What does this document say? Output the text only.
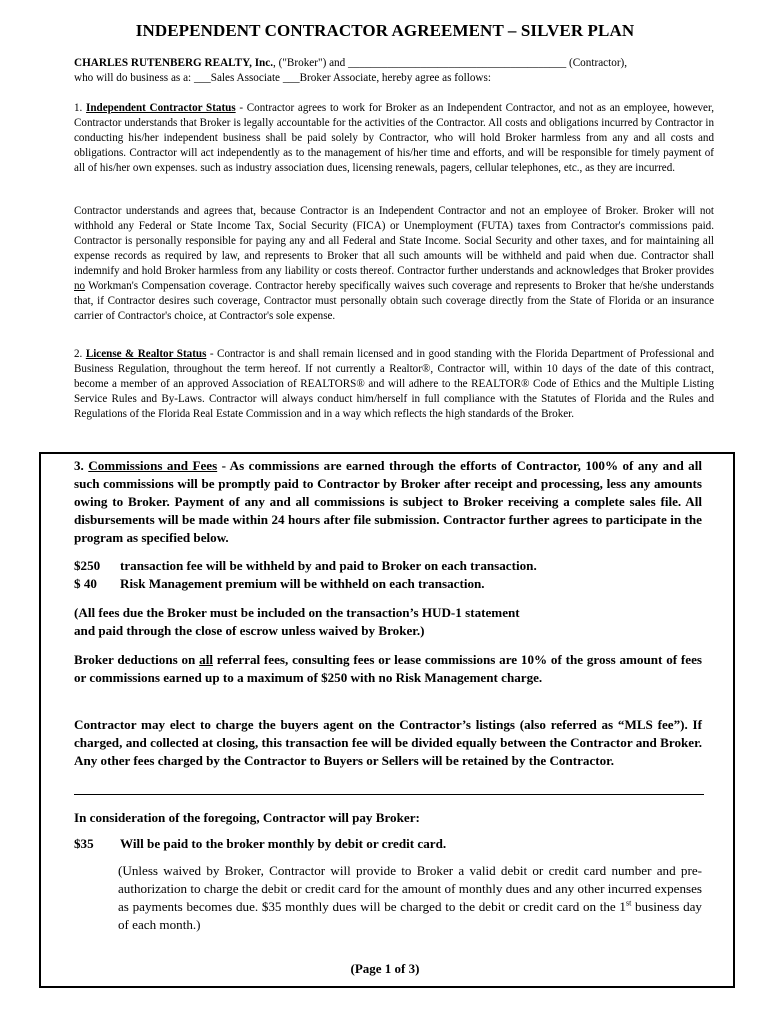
INDEPENDENT CONTRACTOR AGREEMENT – SILVER PLAN

CHARLES RUTENBERG REALTY, Inc., ("Broker") and _______________________________________ (Contractor),

who will do business as a: ___Sales Associate ___Broker Associate, hereby agree as follows:

1. Independent Contractor Status - Contractor agrees to work for Broker as an Independent Contractor, and not as an employee, however, Contractor understands that Broker is legally accountable for the activities of the Contractor. All costs and obligations incurred by Contractor in conducting his/her independent business shall be paid solely by Contractor, who will hold Broker harmless from any and all costs and obligations. Contractor will act independently as to the management of his/her time and efforts, and will be responsible for timely payment of all of his/her own expenses. such as industry association dues, licensing renewals, pagers, cellular telephones, etc., as they are incurred.
Contractor understands and agrees that, because Contractor is an Independent Contractor and not an employee of Broker. Broker will not withhold any Federal or State Income Tax, Social Security (FICA) or Unemployment (FUTA) taxes from Contractor's commissions paid. Contractor is personally responsible for paying any and all Federal and State Income. Social Security and other taxes, and for maintaining all expense records as required by law, and represents to Broker that all such amounts will be withheld and paid when due. Contractor shall indemnify and hold Broker harmless from any liability or costs thereof. Contractor further understands and acknowledges that Broker provides no Workman's Compensation coverage. Contractor hereby specifically waives such coverage and represents to Broker that he/she understands that, if Contractor desires such coverage, Contractor must personally obtain such coverage directly from the State of Florida or an insurance carrier of Contractor's choice, at Contractor's sole expense.
2. License & Realtor Status - Contractor is and shall remain licensed and in good standing with the Florida Department of Professional and Business Regulation, throughout the term hereof. If not currently a Realtor®, Contractor will, within 10 days of the date of this contract, become a member of an approved Association of REALTORS® and will adhere to the REALTOR® Code of Ethics and the Multiple Listing Service Rules and By-Laws. Contractor will always conduct him/herself in full compliance with the Statutes of Florida and the Rules and Regulations of the Florida Real Estate Commission and in a way which reflects the high standards of the Broker.
3. Commissions and Fees - As commissions are earned through the efforts of Contractor, 100% of any and all such commissions will be promptly paid to Contractor by Broker after receipt and processing, less any amounts owing to Broker. Payment of any and all commissions is subject to Broker receiving a complete sales file. All disbursements will be made within 24 hours after file submission. Contractor further agrees to participate in the program as specified below.
$250	transaction fee will be withheld by and paid to Broker on each transaction.
$ 40	Risk Management premium will be withheld on each transaction.
(All fees due the Broker must be included on the transaction’s HUD-1 statement
and paid through the close of escrow unless waived by Broker.)
Broker deductions on all referral fees, consulting fees or lease commissions are 10% of the gross amount of fees or commissions earned up to a maximum of $250 with no Risk Management charge.
Contractor may elect to charge the buyers agent on the Contractor’s listings (also referred as “MLS fee”). If charged, and collected at closing, this transaction fee will be divided equally between the Contractor and Broker. Any other fees charged by the Contractor to Buyers or Sellers will be retained by the Contractor.
In consideration of the foregoing, Contractor will pay Broker:
$35	Will be paid to the broker monthly by debit or credit card.
(Unless waived by Broker, Contractor will provide to Broker a valid debit or credit card number and pre-authorization to charge the debit or credit card for the amount of monthly dues and any other incurred expenses as payments becomes due. $35 monthly dues will be charged to the debit or credit card on the 1st business day of each month.)
(Page 1 of 3)
